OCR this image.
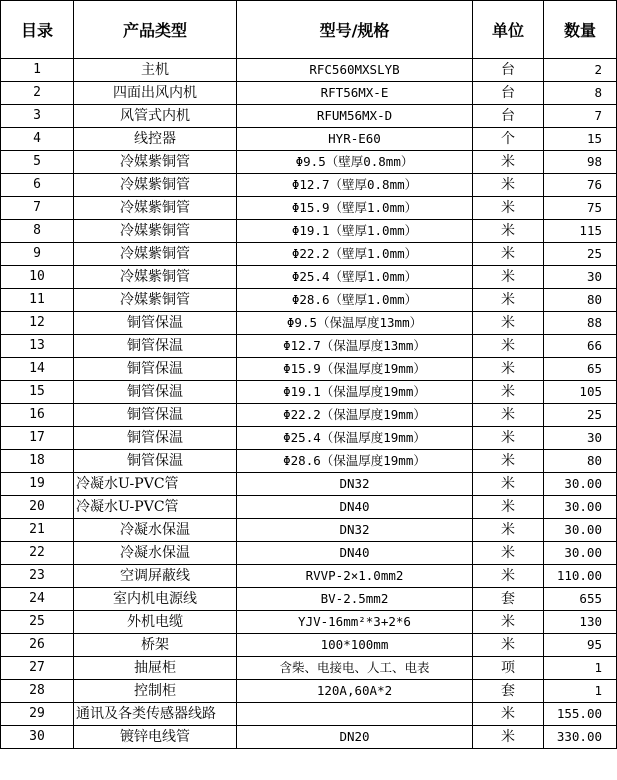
目录	产品类型	型号/规格	单位	数量
1	主机	RFC560MXSLYB	台	2
2	四面出风内机	RFT56MX-E	台	8
3	风管式内机	RFUM56MX-D	台	7
4	线控器	HYR-E60	个	15
5	冷媒紫铜管	Φ9.5（壁厚0.8mm）	米	98
6	冷媒紫铜管	Φ12.7（壁厚0.8mm）	米	76
7	冷媒紫铜管	Φ15.9（壁厚1.0mm）	米	75
8	冷媒紫铜管	Φ19.1（壁厚1.0mm）	米	115
9	冷媒紫铜管	Φ22.2（壁厚1.0mm）	米	25
10	冷媒紫铜管	Φ25.4（壁厚1.0mm）	米	30
11	冷媒紫铜管	Φ28.6（壁厚1.0mm）	米	80
12	铜管保温	Φ9.5（保温厚度13mm）	米	88
13	铜管保温	Φ12.7（保温厚度13mm）	米	66
14	铜管保温	Φ15.9（保温厚度19mm）	米	65
15	铜管保温	Φ19.1（保温厚度19mm）	米	105
16	铜管保温	Φ22.2（保温厚度19mm）	米	25
17	铜管保温	Φ25.4（保温厚度19mm）	米	30
18	铜管保温	Φ28.6（保温厚度19mm）	米	80
19	冷凝水U-PVC管	DN32	米	30.00
20	冷凝水U-PVC管	DN40	米	30.00
21	冷凝水保温	DN32	米	30.00
22	冷凝水保温	DN40	米	30.00
23	空调屏蔽线	RVVP-2×1.0mm2	米	110.00
24	室内机电源线	BV-2.5mm2	套	655
25	外机电缆	YJV-16mm²*3+2*6	米	130
26	桥架	100*100mm	米	95
27	抽屉柜	含柴、电接电、人工、电表	项	1
28	控制柜	120A,60A*2	套	1
29	通讯及各类传感器线路		米	155.00
30	镀锌电线管	DN20	米	330.00
